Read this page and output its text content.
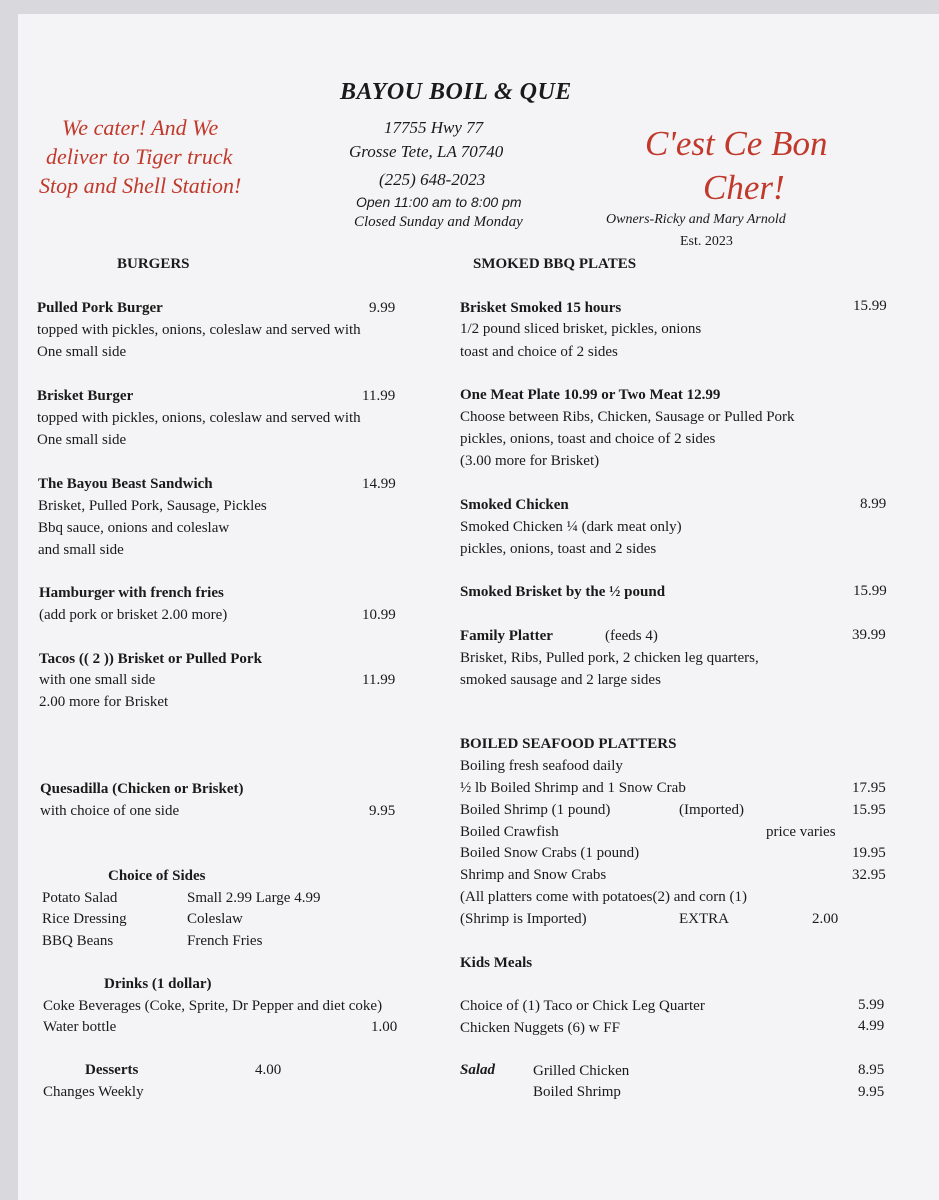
BAYOU BOIL & QUE
17755 Hwy 77
Grosse Tete, LA 70740
(225) 648-2023
Open 11:00 am to 8:00 pm
Closed Sunday and Monday
We cater! And We
deliver to Tiger truck
Stop and Shell Station!
C'est Ce Bon
Cher!
Owners-Ricky and Mary Arnold
Est. 2023
BURGERS
Pulled Pork Burger	9.99
topped with pickles, onions, coleslaw and served with
One small side
Brisket Burger	11.99
topped with pickles, onions, coleslaw and served with
One small side
The Bayou Beast Sandwich	14.99
Brisket, Pulled Pork, Sausage, Pickles
Bbq sauce, onions and coleslaw
and small side
Hamburger with french fries
(add pork or brisket 2.00 more)	10.99
Tacos (( 2 )) Brisket or Pulled Pork
with one small side	11.99
2.00 more for Brisket
Quesadilla (Chicken or Brisket)
with choice of one side	9.95
Choice of Sides
Potato Salad	Small 2.99 Large 4.99
Rice Dressing	Coleslaw
BBQ Beans	French Fries
Drinks (1 dollar)
Coke Beverages (Coke, Sprite, Dr Pepper and diet coke)
Water bottle	1.00
Desserts	4.00
Changes Weekly
SMOKED BBQ PLATES
Brisket Smoked 15 hours	15.99
1/2 pound sliced brisket, pickles, onions
toast and choice of 2 sides
One Meat Plate 10.99 or Two Meat 12.99
Choose between Ribs, Chicken, Sausage or Pulled Pork
pickles, onions, toast and choice of 2 sides
(3.00 more for Brisket)
Smoked Chicken	8.99
Smoked Chicken ¼ (dark meat only)
pickles, onions, toast and 2 sides
Smoked Brisket by the ½ pound	15.99
Family Platter	(feeds 4)	39.99
Brisket, Ribs, Pulled pork, 2 chicken leg quarters,
smoked sausage and 2 large sides
BOILED SEAFOOD PLATTERS
Boiling fresh seafood daily
½ lb Boiled Shrimp and 1 Snow Crab	17.95
Boiled Shrimp (1 pound)	(Imported)	15.95
Boiled Crawfish	price varies
Boiled Snow Crabs (1 pound)	19.95
Shrimp and Snow Crabs	32.95
(All platters come with potatoes(2) and corn (1)
(Shrimp is Imported)	EXTRA	2.00
Kids Meals
Choice of (1) Taco or Chick Leg Quarter	5.99
Chicken Nuggets (6) w FF	4.99
Salad	Grilled Chicken	8.95
Boiled Shrimp	9.95
